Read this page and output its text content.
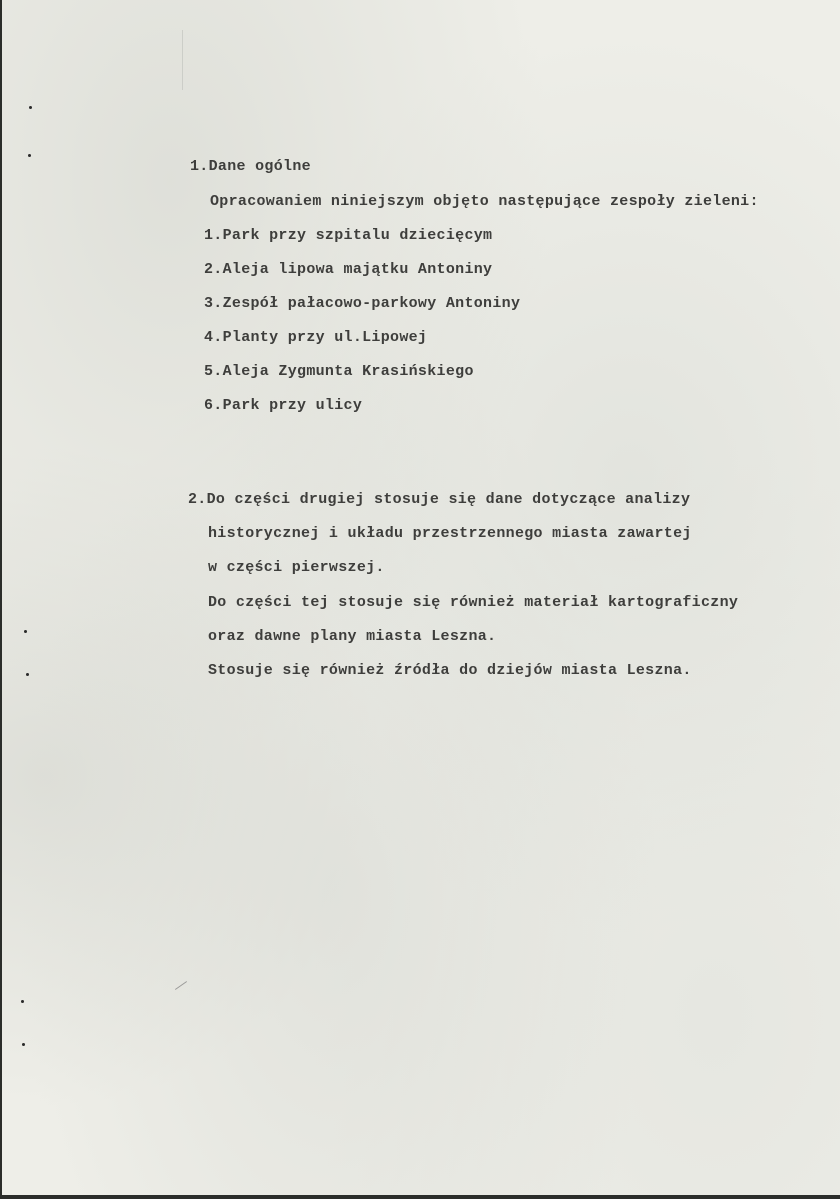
1.Dane ogólne
Opracowaniem niniejszym objęto następujące zespoły zieleni:
1.Park przy szpitalu dziecięcym
2.Aleja lipowa majątku Antoniny
3.Zespół pałacowo-parkowy Antoniny
4.Planty przy ul.Lipowej
5.Aleja Zygmunta Krasińskiego
6.Park przy ulicy
2.Do części drugiej stosuje się dane dotyczące analizy
historycznej i układu przestrzennego miasta zawartej
w części pierwszej.
Do części tej stosuje się również materiał kartograficzny
oraz dawne plany miasta Leszna.
Stosuje się również źródła do dziejów miasta Leszna.
